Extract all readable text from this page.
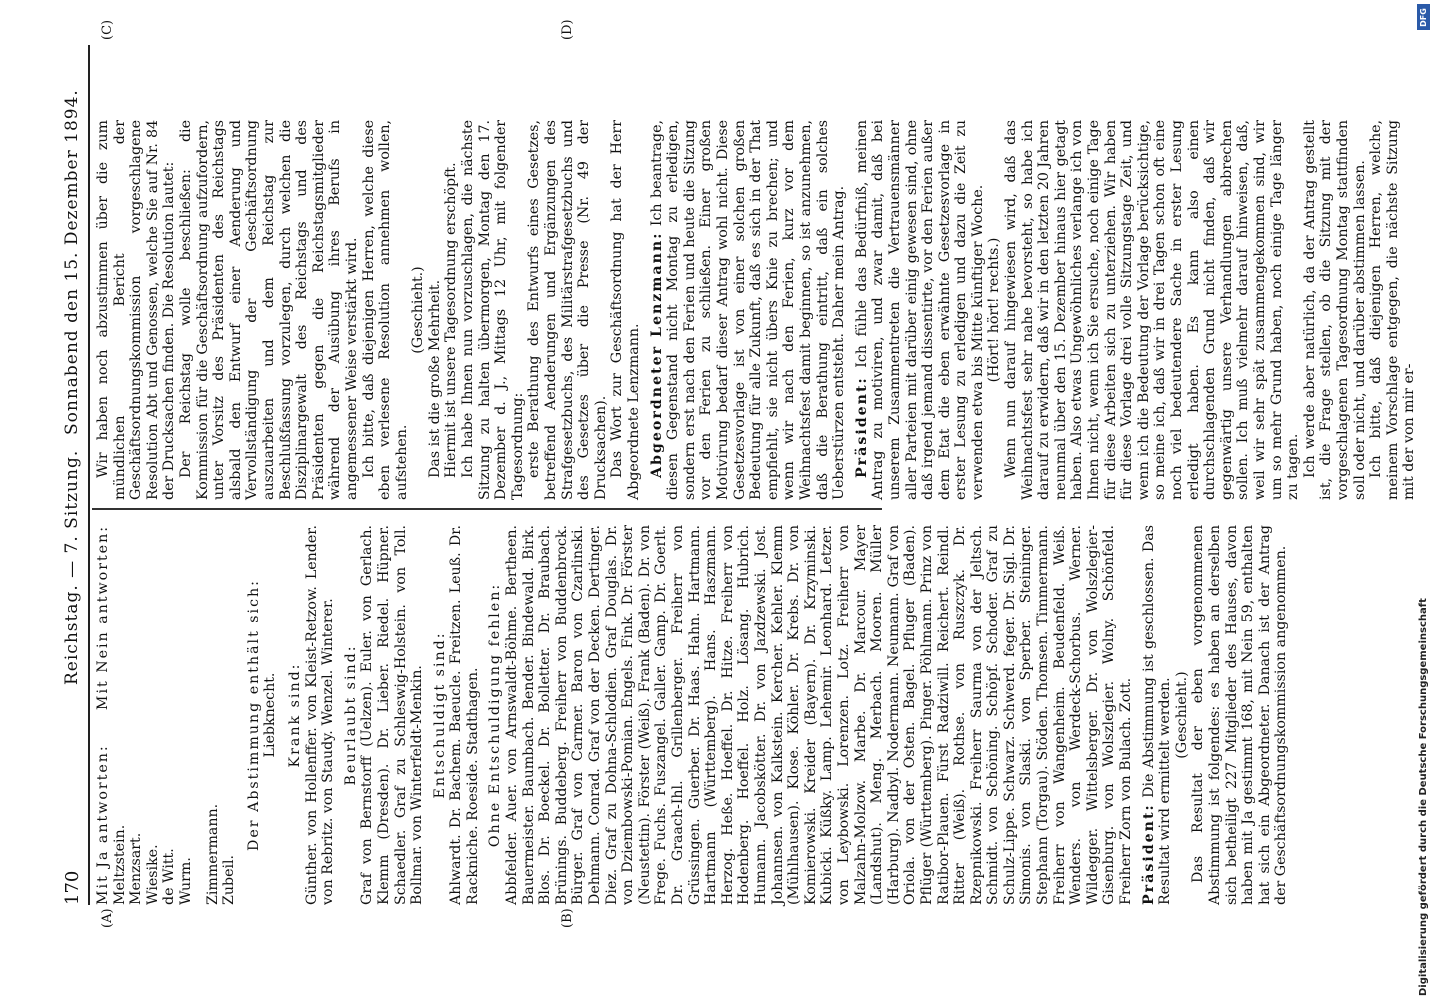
170
Reichstag. — 7. Sitzung.
Sonnabend den 15. Dezember 1894.
(A)	(B)
(C)	(D)

Mit Ja antworten:
Mit Nein antworten:

Meltzstein. Menzsart. Wiesike. de Witt. Wurm. Zimmermann. Zubeil.

Der Abstimmung enthält sich: Liebknecht. Krank sind: Günther. von Hollenffer. von Kleist-Retzow. Lender. von Rebritz. von Staudy. Wenzel. Winterer. Beurlaubt sind: Graf von Bernstorff (Uelzen). Euler. von Gerlach. Klemm (Dresden). Dr. Lieber. Riedel. Hüpner. Schaedler. Graf zu Schleswig-Holstein. von Toll. Bollmar. von Winterfeldt-Menkin. Entschuldigt sind: Ahlwardt. Dr. Bachem. Baeucle. Freitzen. Leuß. Dr. Rackniche. Roeside. Stadthagen. Ohne Entschuldigung fehlen: Abbfelder. Auer. von Arnswaldt-Böhme. Bertheen. Bauermeister. Baumbach. Bender. Bindewald. Birk. Blos. Dr. Boeckel. Dr. Bolletter. Dr. Braubach. Brünings. Buddeberg. Freiherr von Buddenbrock. Bürger. Graf von Carmer. Baron von Czarlinski. Dehmann. Conrad. Graf von der Decken. Dertinger. Diez. Graf zu Dohna-Schlodien. Graf Douglas. Dr. von Dziembowski-Pomian. Engels. Fink. Dr. Förster (Neustettin). Förster (Weiß). Frank (Baden). Dr. von Frege. Fuchs. Fuszangel. Galler. Gamp. Dr. Goerlt. Dr. Graach-Ihl. Grillenberger. Freiherr von Grüssingen. Guerber. Dr. Haas. Hahn. Hartmann. Hartmann (Württemberg). Hans. Haszmann. Herzog. Heße. Hoeffel. Dr. Hitze. Freiherr von Hodenberg. Hoeffel. Holz. Lösang. Hubrich. Humann. Jacobskötter. Dr. von Jazdzewski. Jost. Johannsen. von Kalkstein. Kercher. Kehler. Klemm (Mühlhausen). Klose. Köhler. Dr. Krebs. Dr. von Komierowski. Kreider (Bayern). Dr. Krzyminski. Kubicki. Küßky. Lamp. Lehemir. Leonhard. Letzer. von Leybowski. Lorenzen. Lotz. Freiherr von Malzahn-Molzow. Marbe. Dr. Marcour. Mayer (Landshut). Meng. Merbach. Mooren. Müller (Harburg). Nadbyl. Nodermann. Neumann. Graf von Oriola. von der Osten. Bagel. Pfluger (Baden). Pflüger (Württemberg). Pinger. Pöhlmann. Prinz von Ratibor-Plauen. Fürst Radziwill. Reichert. Reindl. Ritter (Weiß). Rothse. von Ruszczyk. Dr. Rzepnikowski. Freiherr Saurma von der Jeltsch. Schmidt. von Schöning. Schöpf. Schoder. Graf zu Schulz-Lippe. Schwarz. Schwerd. feger. Dr. Sigl. Dr. Simonis. von Slaski. von Sperber. Steininger. Stephann (Torgau). Stöden. Thomsen. Timmermann. Freiherr von Wangenheim. Beudenfeld. Weiß. Wenders. von Werdeck-Schorbus. Werner. Wildegger. Wittelsberger. Dr. von Wolszlegier-Gisenburg. von Wolszlegier. Wolny. Schönfeld. Freiherr Zorn von Bulach. Zott. Präsident: Die Abstimmung ist geschlossen. Das Resultat wird ermittelt werden. (Geschieht.) Das Resultat der eben vorgenommenen Abstimmung ist folgendes: es haben an derselben sich betheiligt 227 Mitglieder des Hauses, davon haben mit Ja gestimmt 168, mit Nein 59, enthalten hat sich ein Abgeordneter. Danach ist der Antrag der Geschäftsordnungskommission angenommen.

Wir haben noch abzustimmen über die zum mündlichen Bericht der Geschäftsordnungskommission vorgeschlagene Resolution Abt und Genossen, welche Sie auf Nr. 84 der Drucksachen finden. Die Resolution lautet: Der Reichstag wolle beschließen: die Kommission für die Geschäftsordnung aufzufordern, unter Vorsitz des Präsidenten des Reichstags alsbald den Entwurf einer Aenderung und Vervollständigung der Geschäftsordnung auszuarbeiten und dem Reichstag zur Beschlußfassung vorzulegen, durch welchen die Disziplinargewalt des Reichstags und des Präsidenten gegen die Reichstagsmitglieder während der Ausübung ihres Berufs in angemessener Weise verstärkt wird. Ich bitte, daß diejenigen Herren, welche diese eben verlesene Resolution annehmen wollen, aufstehen.

(Geschieht.) Das ist die große Mehrheit. Hiermit ist unsere Tagesordnung erschöpft. Ich habe Ihnen nun vorzuschlagen, die nächste Sitzung zu halten übermorgen, Montag den 17. Dezember d. J., Mittags 12 Uhr, mit folgender Tagesordnung: erste Berathung des Entwurfs eines Gesetzes, betreffend Aenderungen und Ergänzungen des Strafgesetzbuchs, des Militärstrafgesetzbuchs und des Gesetzes über die Presse (Nr. 49 der Drucksachen). Das Wort zur Geschäftsordnung hat der Herr Abgeordnete Lenzmann. Abgeordneter Lenzmann: Ich beantrage, diesen Gegenstand nicht Montag zu erledigen, sondern erst nach den Ferien und heute die Sitzung vor den Ferien zu schließen. Einer großen Motivirung bedarf dieser Antrag wohl nicht. Diese Gesetzesvorlage ist von einer solchen großen Bedeutung für alle Zukunft, daß es sich in der That empfiehlt, sie nicht übers Knie zu brechen; und wenn wir nach den Ferien, kurz vor dem Weihnachtsfest damit beginnen, so ist anzunehmen, daß die Berathung eintritt, daß ein solches Ueberstürzen entsteht. Daher mein Antrag. Präsident: Ich fühle das Bedürfniß, meinen Antrag zu motiviren, und zwar damit, daß bei unserem Zusammentreten die Vertrauensmänner aller Parteien mit darüber einig gewesen sind, ohne daß irgend jemand dissentirte, vor den Ferien außer dem Etat die eben erwähnte Gesetzesvorlage in erster Lesung zu erledigen und dazu die Zeit zu verwenden etwa bis Mitte künftiger Woche. (Hört! hört! rechts.) Wenn nun darauf hingewiesen wird, daß das Weihnachtsfest sehr nahe bevorsteht, so habe ich darauf zu erwidern, daß wir in den letzten 20 Jahren neunmal über den 15. Dezember hinaus hier getagt haben. Also etwas Ungewöhnliches verlange ich von Ihnen nicht, wenn ich Sie ersuche, noch einige Tage für diese Arbeiten sich zu unterziehen. Wir haben für diese Vorlage drei volle Sitzungstage Zeit, und wenn ich die Bedeutung der Vorlage berücksichtige, so meine ich, daß wir in drei Tagen schon oft eine noch viel bedeutendere Sache in erster Lesung erledigt haben. Es kann also einen durchschlagenden Grund nicht finden, daß wir gegenwärtig unsere Verhandlungen abbrechen sollen. Ich muß vielmehr darauf hinweisen, daß, weil wir sehr spät zusammengekommen sind, wir um so mehr Grund haben, noch einige Tage länger zu tagen. Ich werde aber natürlich, da der Antrag gestellt ist, die Frage stellen, ob die Sitzung mit der vorgeschlagenen Tagesordnung Montag stattfinden soll oder nicht, und darüber abstimmen lassen. Ich bitte, daß diejenigen Herren, welche, meinem Vorschlage entgegen, die nächste Sitzung mit der von mir er-

Digitalisierung gefördert durch die Deutsche Forschungsgemeinschaft
DFG
